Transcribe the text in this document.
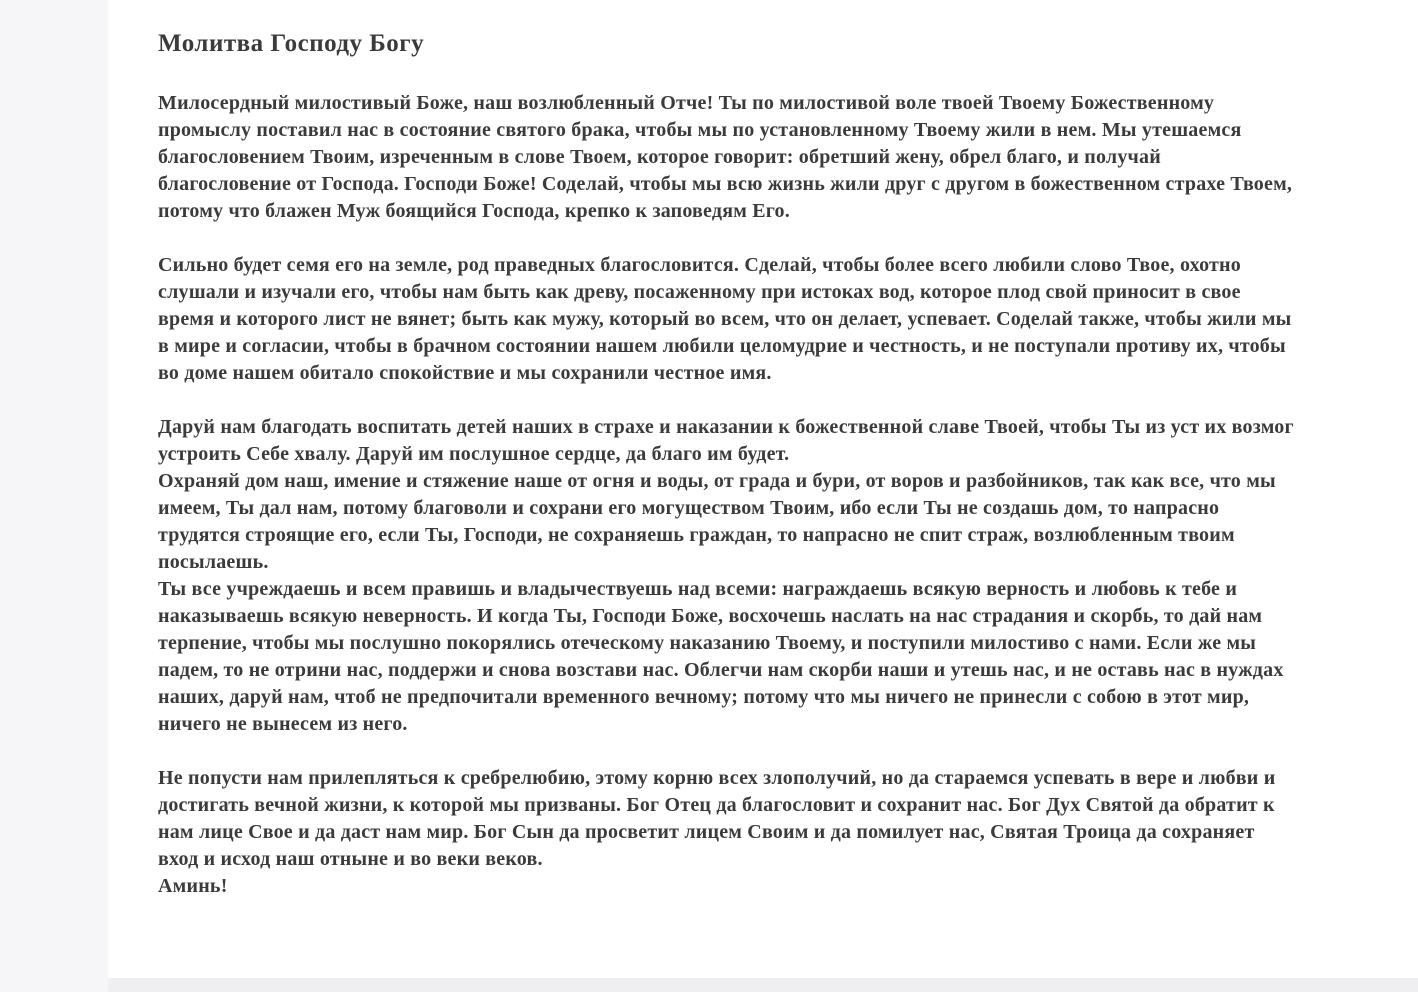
Молитва Господу Богу
Милосердный милостивый Боже, наш возлюбленный Отче! Ты по милостивой воле твоей Твоему Божественному промыслу поставил нас в состояние святого брака, чтобы мы по установленному Твоему жили в нем. Мы утешаемся благословением Твоим, изреченным в слове Твоем, которое говорит: обретший жену, обрел благо, и получай благословение от Господа. Господи Боже! Соделай, чтобы мы всю жизнь жили друг с другом в божественном страхе Твоем, потому что блажен Муж боящийся Господа, крепко к заповедям Его.
Сильно будет семя его на земле, род праведных благословится. Сделай, чтобы более всего любили слово Твое, охотно слушали и изучали его, чтобы нам быть как древу, посаженному при истоках вод, которое плод свой приносит в свое время и которого лист не вянет; быть как мужу, который во всем, что он делает, успевает. Соделай также, чтобы жили мы в мире и согласии, чтобы в брачном состоянии нашем любили целомудрие и честность, и не поступали противу их, чтобы во доме нашем обитало спокойствие и мы сохранили честное имя.
Даруй нам благодать воспитать детей наших в страхе и наказании к божественной славе Твоей, чтобы Ты из уст их возмог устроить Себе хвалу. Даруй им послушное сердце, да благо им будет.
Охраняй дом наш, имение и стяжение наше от огня и воды, от града и бури, от воров и разбойников, так как все, что мы имеем, Ты дал нам, потому благоволи и сохрани его могуществом Твоим, ибо если Ты не создашь дом, то напрасно трудятся строящие его, если Ты, Господи, не сохраняешь граждан, то напрасно не спит страж, возлюбленным твоим посылаешь.
Ты все учреждаешь и всем правишь и владычествуешь над всеми: награждаешь всякую верность и любовь к тебе и наказываешь всякую неверность. И когда Ты, Господи Боже, восхочешь наслать на нас страдания и скорбь, то дай нам терпение, чтобы мы послушно покорялись отеческому наказанию Твоему, и поступили милостиво с нами. Если же мы падем, то не отрини нас, поддержи и снова возстави нас. Облегчи нам скорби наши и утешь нас, и не оставь нас в нуждах наших, даруй нам, чтоб не предпочитали временного вечному; потому что мы ничего не принесли с собою в этот мир, ничего не вынесем из него.
Не попусти нам прилепляться к сребрелюбию, этому корню всех злополучий, но да стараемся успевать в вере и любви и достигать вечной жизни, к которой мы призваны. Бог Отец да благословит и сохранит нас. Бог Дух Святой да обратит к нам лице Свое и да даст нам мир. Бог Сын да просветит лицем Своим и да помилует нас, Святая Троица да сохраняет вход и исход наш отныне и во веки веков.
Аминь!
